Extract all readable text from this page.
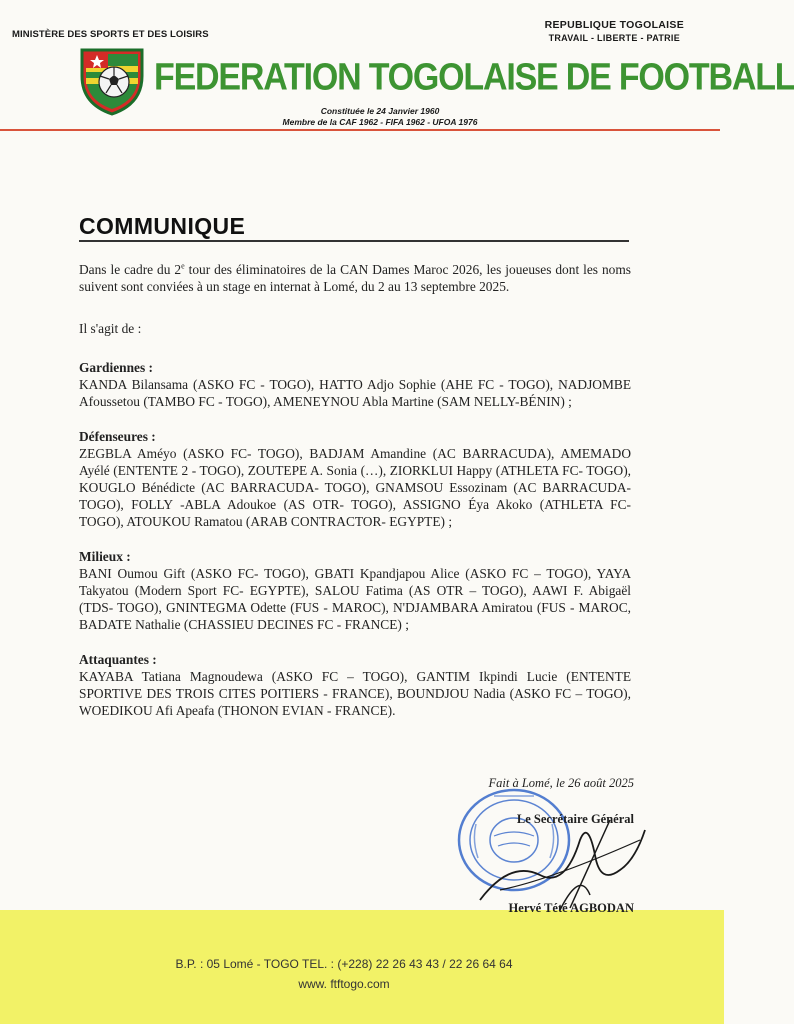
MINISTÈRE DES SPORTS ET DES LOISIRS
REPUBLIQUE TOGOLAISE
TRAVAIL - LIBERTE - PATRIE
FEDERATION TOGOLAISE DE FOOTBALL
Constituée le 24 Janvier 1960
Membre de la CAF 1962 - FIFA 1962 - UFOA 1976
COMMUNIQUE

Dans le cadre du 2e tour des éliminatoires de la CAN Dames Maroc 2026, les joueuses dont les noms suivent sont conviées à un stage en internat à Lomé, du 2 au 13 septembre 2025.

Il s'agit de :

Gardiennes :

KANDA Bilansama (ASKO FC - TOGO), HATTO Adjo Sophie (AHE FC - TOGO), NADJOMBE Afoussetou (TAMBO FC - TOGO), AMENEYNOU Abla Martine (SAM NELLY-BÉNIN) ;

Défenseures :

ZEGBLA Améyo (ASKO FC- TOGO), BADJAM Amandine (AC BARRACUDA), AMEMADO Ayélé (ENTENTE 2 - TOGO), ZOUTEPE A. Sonia (…), ZIORKLUI Happy (ATHLETA FC- TOGO), KOUGLO Bénédicte (AC BARRACUDA- TOGO), GNAMSOU Essozinam (AC BARRACUDA- TOGO), FOLLY -ABLA Adoukoe (AS OTR- TOGO), ASSIGNO Éya Akoko (ATHLETA FC- TOGO), ATOUKOU Ramatou (ARAB CONTRACTOR- EGYPTE) ;

Milieux :

BANI Oumou Gift (ASKO FC- TOGO), GBATI Kpandjapou Alice (ASKO FC – TOGO), YAYA Takyatou (Modern Sport FC- EGYPTE), SALOU Fatima (AS OTR – TOGO), AAWI F. Abigaël (TDS- TOGO), GNINTEGMA Odette (FUS - MAROC), N'DJAMBARA Amiratou (FUS - MAROC, BADATE Nathalie (CHASSIEU DECINES FC - FRANCE) ;

Attaquantes :

KAYABA Tatiana Magnoudewa (ASKO FC – TOGO), GANTIM Ikpindi Lucie (ENTENTE SPORTIVE DES TROIS CITES POITIERS - FRANCE), BOUNDJOU Nadia (ASKO FC – TOGO), WOEDIKOU Afi Apeafa (THONON EVIAN - FRANCE).

B.P. : 05 Lomé - TOGO TEL. : (+228) 22 26 43 43 / 22 26 64 64
www. ftftogo.com
Fait à Lomé, le 26 août 2025
Le Secrétaire Général
Hervé Tété AGBODAN
